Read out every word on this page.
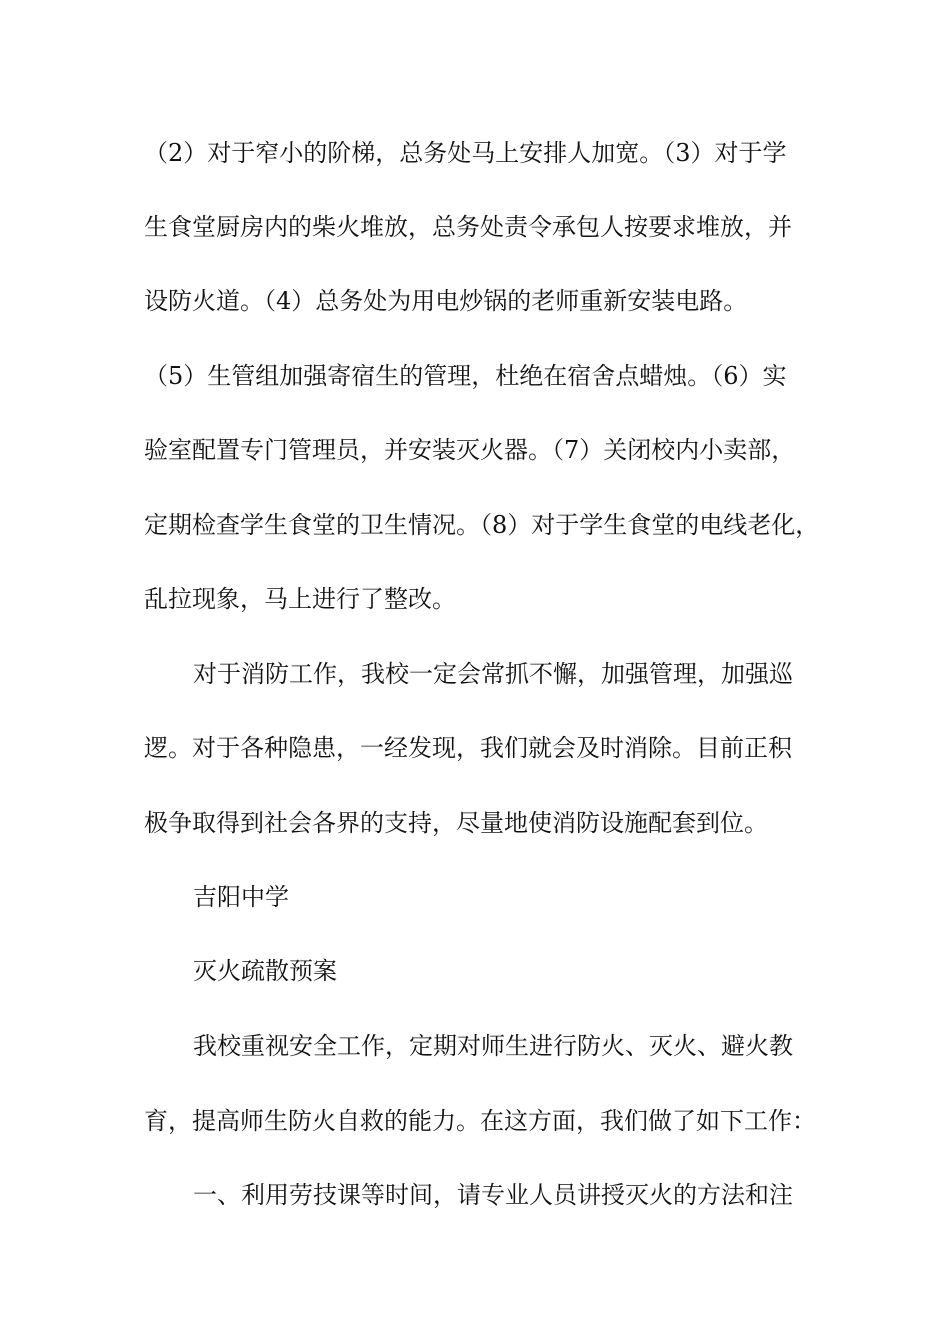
（2）对于窄小的阶梯，总务处马上安排人加宽。（3）对于学
生食堂厨房内的柴火堆放，总务处责令承包人按要求堆放，并
设防火道。（4）总务处为用电炒锅的老师重新安装电路。
（5）生管组加强寄宿生的管理，杜绝在宿舍点蜡烛。（6）实
验室配置专门管理员，并安装灭火器。（7）关闭校内小卖部，
定期检查学生食堂的卫生情况。（8）对于学生食堂的电线老化，
乱拉现象，马上进行了整改。
对于消防工作，我校一定会常抓不懈，加强管理，加强巡
逻。对于各种隐患，一经发现，我们就会及时消除。目前正积
极争取得到社会各界的支持，尽量地使消防设施配套到位。
吉阳中学
灭火疏散预案
我校重视安全工作，定期对师生进行防火、灭火、避火教
育，提高师生防火自救的能力。在这方面，我们做了如下工作：
一、利用劳技课等时间，请专业人员讲授灭火的方法和注
